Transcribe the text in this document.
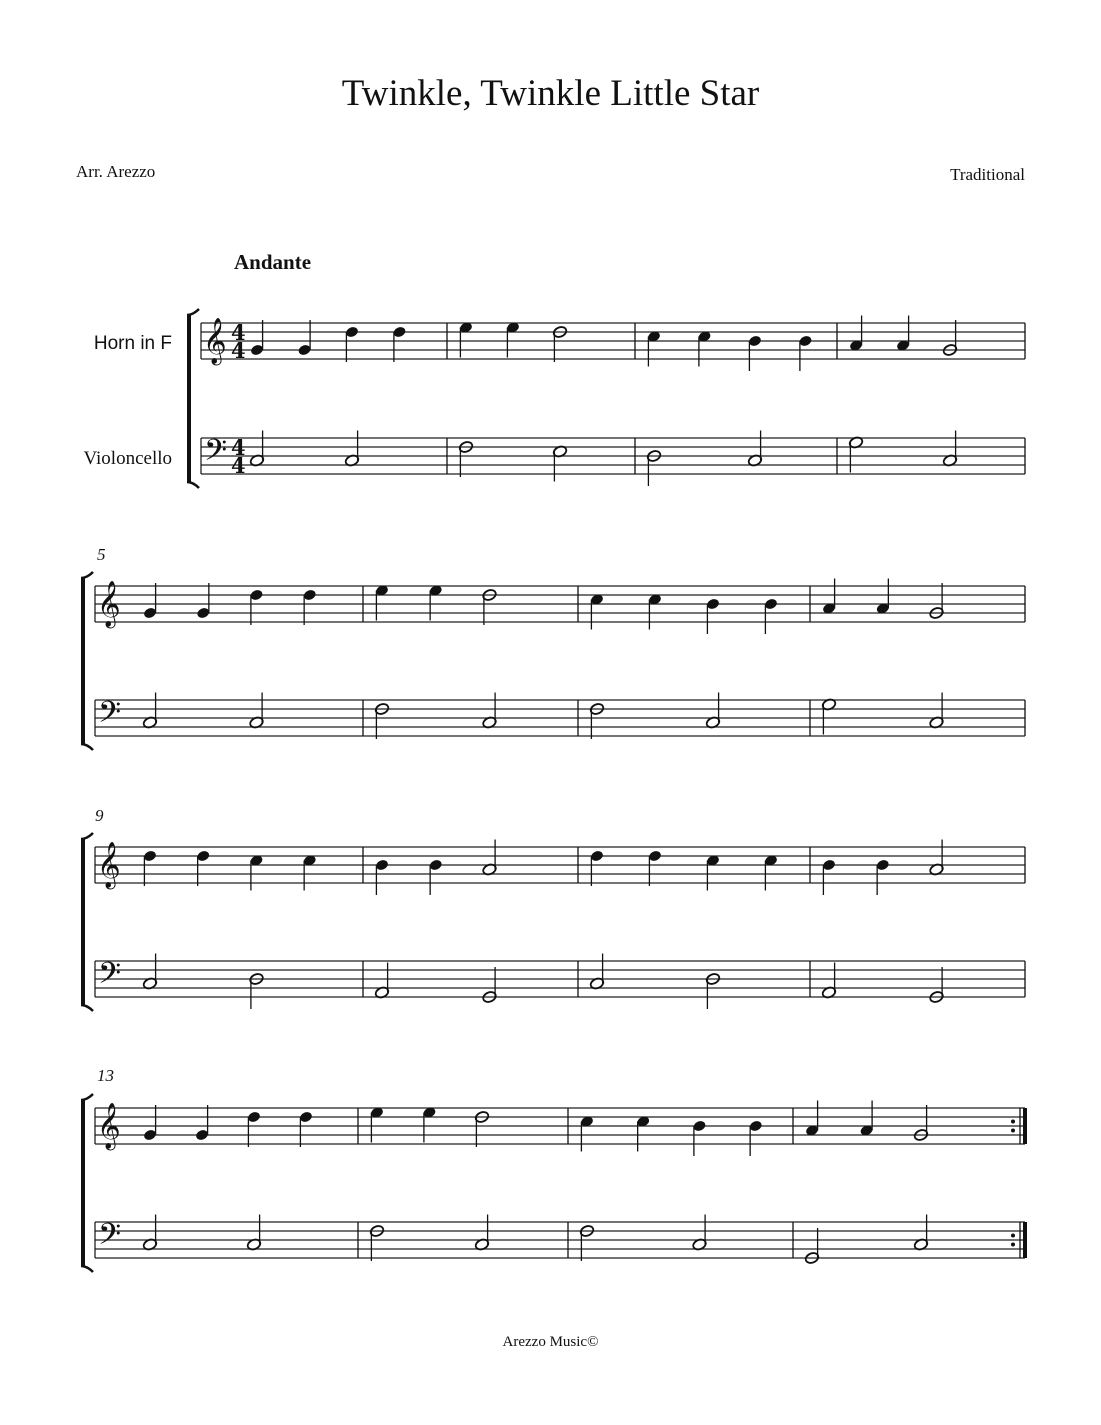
Twinkle, Twinkle Little Star
Arr. Arezzo	Traditional
Andante
Horn in F
Violoncello
5
9
13
Arezzo Music©
𝄞
𝄢
4
4
4
4
𝄞
𝄢
𝄞
𝄢
𝄞
𝄢
